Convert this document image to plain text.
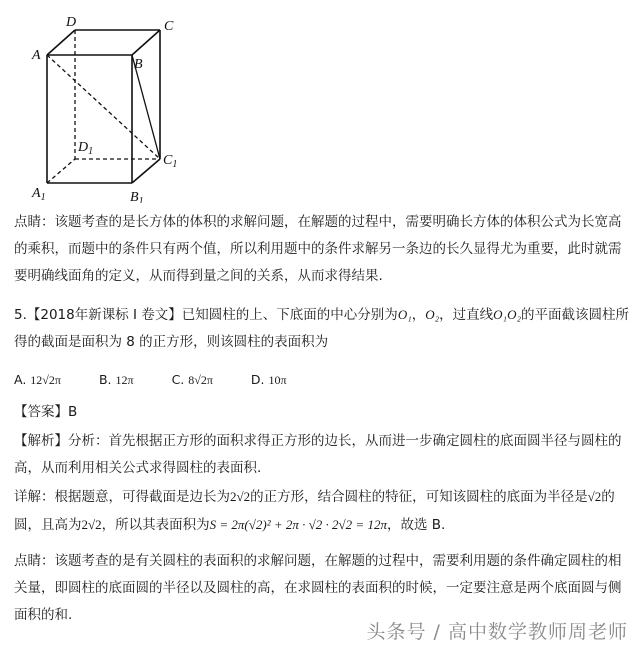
A
D	C
B
$D_1$
$C_1$
$A_1$	$B_1$
点睛：该题考查的是长方体的体积的求解问题，在解题的过程中，需要明确长方体的体积公式为长宽高的乘积，而题中的条件只有两个值，所以利用题中的条件求解另一条边的长久显得尤为重要，此时就需要明确线面角的定义，从而得到量之间的关系，从而求得结果.
5.【2018年新课标 I 卷文】已知圆柱的上、下底面的中心分别为O₁，O₂，过直线O₁O₂的平面截该圆柱所得的截面是面积为 8 的正方形，则该圆柱的表面积为
A. 12√2π	B. 12π	C. 8√2π	D. 10π
【答案】B
【解析】分析：首先根据正方形的面积求得正方形的边长，从而进一步确定圆柱的底面圆半径与圆柱的高，从而利用相关公式求得圆柱的表面积.
详解：根据题意，可得截面是边长为2√2的正方形，结合圆柱的特征，可知该圆柱的底面为半径是√2的圆，且高为2√2，所以其表面积为S = 2π(√2)² + 2π · √2 · 2√2 = 12π，故选 B.
点睛：该题考查的是有关圆柱的表面积的求解问题，在解题的过程中，需要利用题的条件确定圆柱的相关量，即圆柱的底面圆的半径以及圆柱的高，在求圆柱的表面积的时候，一定要注意是两个底面圆与侧面积的和.
头条号 / 高中数学教师周老师
